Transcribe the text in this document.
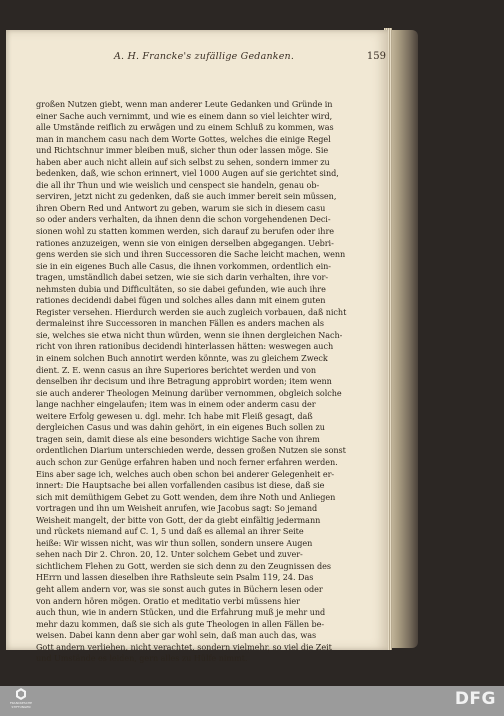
A. H. Francke's zufällige Gedanken.	159
großen Nutzen giebt, wenn man anderer Leute Gedanken und Gründe in
einer Sache auch vernimmt, und wie es einem dann so viel leichter wird,
alle Umstände reiflich zu erwägen und zu einem Schluß zu kommen, was
man in manchem casu nach dem Worte Gottes, welches die einige Regel
und Richtschnur immer bleiben muß, sicher thun oder lassen möge. Sie
haben aber auch nicht allein auf sich selbst zu sehen, sondern immer zu
bedenken, daß, wie schon erinnert, viel 1000 Augen auf sie gerichtet sind,
die all ihr Thun und wie weislich und censpect sie handeln, genau ob-
serviren, jetzt nicht zu gedenken, daß sie auch immer bereit sein müssen,
ihren Obern Red und Antwort zu geben, warum sie sich in diesem casu
so oder anders verhalten, da ihnen denn die schon vorgehendenen Deci-
sionen wohl zu statten kommen werden, sich darauf zu berufen oder ihre
rationes anzuzeigen, wenn sie von einigen derselben abgegangen. Uebri-
gens werden sie sich und ihren Successoren die Sache leicht machen, wenn
sie in ein eigenes Buch alle Casus, die ihnen vorkommen, ordentlich ein-
tragen, umständlich dabei setzen, wie sie sich darin verhalten, ihre vor-
nehmsten dubia und Difficultäten, so sie dabei gefunden, wie auch ihre
rationes decidendi dabei fügen und solches alles dann mit einem guten
Register versehen. Hierdurch werden sie auch zugleich vorbauen, daß nicht
dermaleinst ihre Successoren in manchen Fällen es anders machen als
sie, welches sie etwa nicht thun würden, wenn sie ihnen dergleichen Nach-
richt von ihren rationibus decidendi hinterlassen hätten: weswegen auch
in einem solchen Buch annotirt werden könnte, was zu gleichem Zweck
dient. Z. E. wenn casus an ihre Superiores berichtet werden und von
denselben ihr decisum und ihre Betragung approbirt worden; item wenn
sie auch anderer Theologen Meinung darüber vernommen, obgleich solche
lange nachher eingelaufen; item was in einem oder anderm casu der
weitere Erfolg gewesen u. dgl. mehr. Ich habe mit Fleiß gesagt, daß
dergleichen Casus und was dahin gehört, in ein eigenes Buch sollen zu
tragen sein, damit diese als eine besonders wichtige Sache von ihrem
ordentlichen Diarium unterschieden werde, dessen großen Nutzen sie sonst
auch schon zur Genüge erfahren haben und noch ferner erfahren werden.
Eins aber sage ich, welches auch oben schon bei anderer Gelegenheit er-
innert: Die Hauptsache bei allen vorfallenden casibus ist diese, daß sie
sich mit demüthigem Gebet zu Gott wenden, dem ihre Noth und Anliegen
vortragen und ihn um Weisheit anrufen, wie Jacobus sagt: So jemand
Weisheit mangelt, der bitte von Gott, der da giebt einfältig jedermann
und rückets niemand auf C. 1, 5 und daß es allemal an ihrer Seite
heiße: Wir wissen nicht, was wir thun sollen, sondern unsere Augen
sehen nach Dir 2. Chron. 20, 12. Unter solchem Gebet und zuver-
sichtlichem Flehen zu Gott, werden sie sich denn zu den Zeugnissen des
HErrn und lassen dieselben ihre Rathsleute sein Psalm 119, 24. Das
geht allem andern vor, was sie sonst auch gutes in Büchern lesen oder
von andern hören mögen. Oratio et meditatio verbi müssens hier
auch thun, wie in andern Stücken, und die Erfahrung muß je mehr und
mehr dazu kommen, daß sie sich als gute Theologen in allen Fällen be-
weisen. Dabei kann denn aber gar wohl sein, daß man auch das, was
Gott andern verliehen, nicht verachtet, sondern vielmehr, so viel die Zeit
und Umstände es leiden, gern alles zu Hülfe nimmt.
FRANCKESCHE
STIFTUNGEN	DFG
